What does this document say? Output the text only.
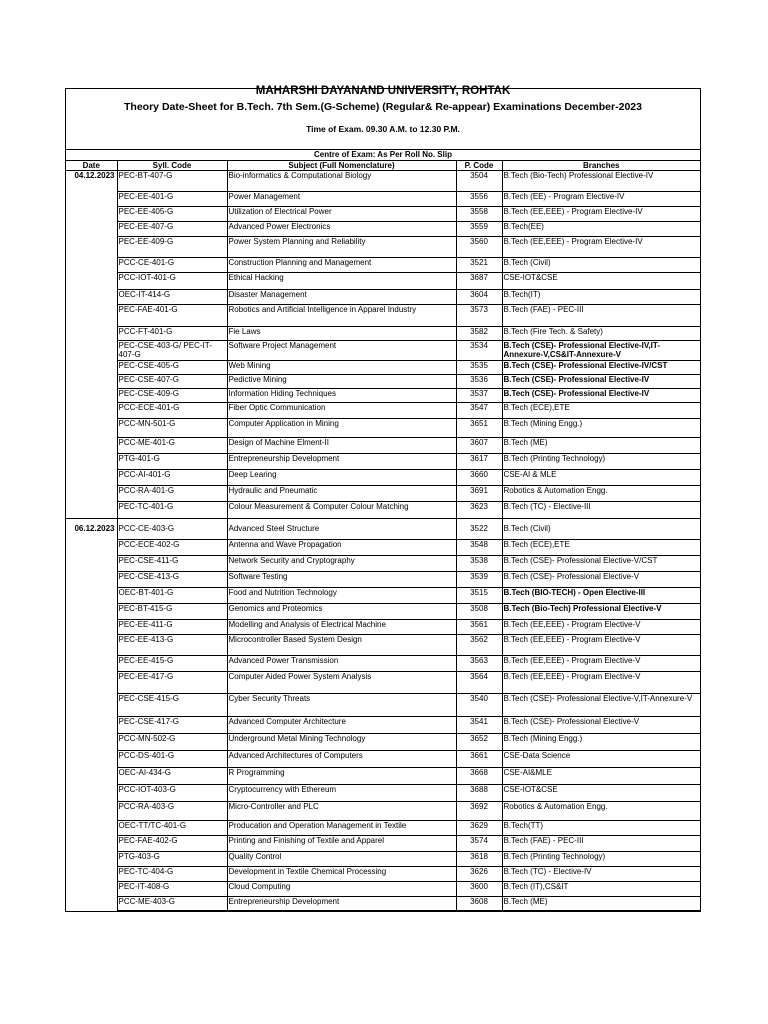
MAHARSHI DAYANAND UNIVERSITY, ROHTAK
Theory Date-Sheet for B.Tech. 7th Sem.(G-Scheme) (Regular& Re-appear) Examinations December-2023
Time of Exam. 09.30 A.M. to 12.30 P.M.
Centre of Exam: As Per Roll No. Slip
Date	Syll. Code	Subject (Full Nomenclature)	P. Code	Branches
04.12.2023	PEC-BT-407-G	Bio-informatics & Computational Biology	3504	B.Tech (Bio-Tech) Professional Elective-IV
	PEC-EE-401-G	Power Management	3556	B.Tech (EE) - Program Elective-IV
	PEC-EE-405-G	Utilization of Electrical Power	3558	B.Tech (EE,EEE) - Program Elective-IV
	PEC-EE-407-G	Advanced Power Electronics	3559	B.Tech(EE)
	PEC-EE-409-G	Power System Planning and Reliability	3560	B.Tech (EE,EEE) - Program Elective-IV
	PCC-CE-401-G	Construction Planning and Management	3521	B.Tech (Civil)
	PCC-IOT-401-G	Ethical Hacking	3687	CSE-IOT&CSE
	OEC-IT-414-G	Disaster Management	3604	B.Tech(IT)
	PEC-FAE-401-G	Robotics and Artificial Intelligence in Apparel Industry	3573	B.Tech (FAE) - PEC-III
	PCC-FT-401-G	Fie Laws	3582	B.Tech (Fire Tech. & Safety)
	PEC-CSE-403-G/ PEC-IT-407-G	Software Project Management	3534	B.Tech (CSE)- Professional Elective-IV,IT-Annexure-V,CS&IT-Annexure-V
	PEC-CSE-405-G	Web Mining	3535	B.Tech (CSE)- Professional Elective-IV/CST
	PEC-CSE-407-G	Pedictive Mining	3536	B.Tech (CSE)- Professional Elective-IV
	PEC-CSE-409-G	Information Hiding Techniques	3537	B.Tech (CSE)- Professional Elective-IV
	PCC-ECE-401-G	Fiber Optic Communication	3547	B.Tech (ECE),ETE
	PCC-MN-501-G	Computer Application in Mining	3651	B.Tech (Mining Engg.)
	PCC-ME-401-G	Design of Machine Elment-II	3607	B.Tech (ME)
	PTG-401-G	Entrepreneurship Development	3617	B.Tech (Printing Technology)
	PCC-AI-401-G	Deep Learing	3660	CSE-AI & MLE
	PCC-RA-401-G	Hydraulic and Pneumatic	3691	Robotics & Automation Engg.
	PEC-TC-401-G	Colour Measurement & Computer Colour Matching	3623	B.Tech (TC) - Elective-III

06.12.2023	PCC-CE-403-G	Advanced Steel Structure	3522	B.Tech (Civil)
	PCC-ECE-402-G	Antenna and Wave Propagation	3548	B.Tech (ECE),ETE
	PEC-CSE-411-G	Network Security and Cryptography	3538	B.Tech (CSE)- Professional Elective-V/CST
	PEC-CSE-413-G	Software Testing	3539	B.Tech (CSE)- Professional Elective-V
	OEC-BT-401-G	Food and Nutrition Technology	3515	B.Tech (BIO-TECH) - Open Elective-III
	PEC-BT-415-G	Genomics and Proteomics	3508	B.Tech (Bio-Tech) Professional Elective-V
	PEC-EE-411-G	Modelling and Analysis of Electrical Machine	3561	B.Tech (EE,EEE) - Program Elective-V
	PEC-EE-413-G	Microcontroller Based System Design	3562	B.Tech (EE,EEE) - Program Elective-V
	PEC-EE-415-G	Advanced Power Transmission	3563	B.Tech (EE,EEE) - Program Elective-V
	PEC-EE-417-G	Computer Aided Power System Analysis	3564	B.Tech (EE,EEE) - Program Elective-V
	PEC-CSE-415-G	Cyber Security Threats	3540	B.Tech (CSE)- Professional Elective-V,IT-Annexure-V
	PEC-CSE-417-G	Advanced Computer Architecture	3541	B.Tech (CSE)- Professional Elective-V
	PCC-MN-502-G	Underground Metal Mining Technology	3652	B.Tech (Mining Engg.)
	PCC-DS-401-G	Advanced Architectures of Computers	3661	CSE-Data Science
	OEC-AI-434-G	R Programming	3668	CSE-AI&MLE
	PCC-IOT-403-G	Cryptocurrency with Ethereum	3688	CSE-IOT&CSE
	PCC-RA-403-G	Micro-Controller and PLC	3692	Robotics & Automation Engg.
	OEC-TT/TC-401-G	Producation and Operation Management in Textile	3629	B.Tech(TT)
	PEC-FAE-402-G	Printing and Finishing of Textile and Apparel	3574	B.Tech (FAE) - PEC-III
	PTG-403-G	Quality Control	3618	B.Tech (Printing Technology)
	PEC-TC-404-G	Development in Textile Chemical Processing	3626	B.Tech (TC) - Elective-IV
	PEC-IT-408-G	Cloud Computing	3600	B.Tech (IT),CS&IT
	PCC-ME-403-G	Entrepreneurship Development	3608	B.Tech (ME)
